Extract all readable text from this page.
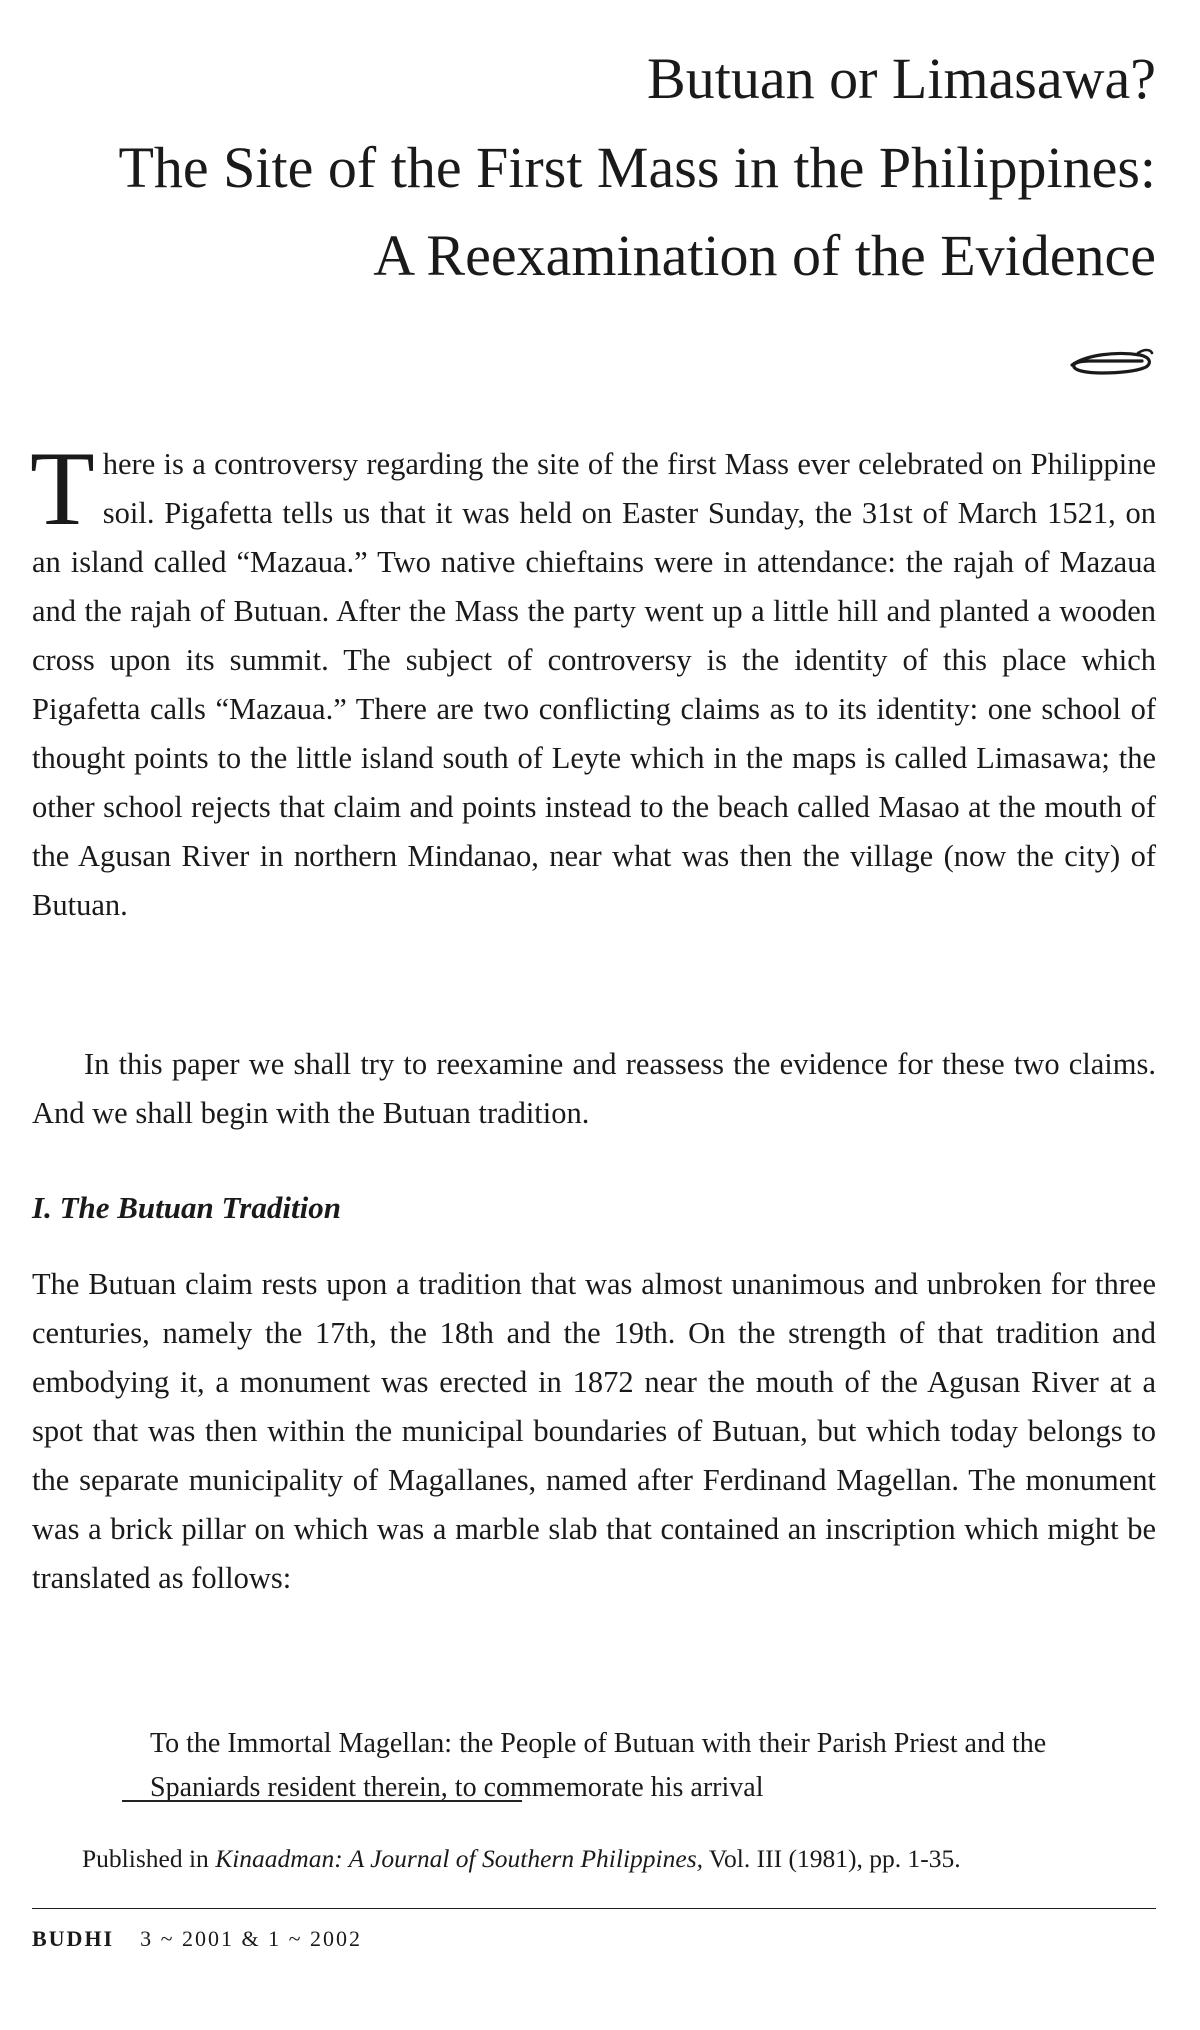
Butuan or Limasawa?
The Site of the First Mass in the Philippines:
A Reexamination of the Evidence
There is a controversy regarding the site of the first Mass ever celebrated on Philippine soil. Pigafetta tells us that it was held on Easter Sunday, the 31st of March 1521, on an island called “Mazaua.” Two native chieftains were in attendance: the rajah of Mazaua and the rajah of Butuan. After the Mass the party went up a little hill and planted a wooden cross upon its summit. The subject of controversy is the identity of this place which Pigafetta calls “Mazaua.” There are two conflicting claims as to its identity: one school of thought points to the little island south of Leyte which in the maps is called Limasawa; the other school rejects that claim and points instead to the beach called Masao at the mouth of the Agusan River in northern Mindanao, near what was then the village (now the city) of Butuan.
In this paper we shall try to reexamine and reassess the evidence for these two claims. And we shall begin with the Butuan tradition.
I. The Butuan Tradition
The Butuan claim rests upon a tradition that was almost unanimous and unbroken for three centuries, namely the 17th, the 18th and the 19th. On the strength of that tradition and embodying it, a monument was erected in 1872 near the mouth of the Agusan River at a spot that was then within the municipal boundaries of Butuan, but which today belongs to the separate municipality of Magallanes, named after Ferdinand Magellan. The monument was a brick pillar on which was a marble slab that contained an inscription which might be translated as follows:
To the Immortal Magellan: the People of Butuan with their Parish Priest and the Spaniards resident therein, to commemorate his arrival
Published in Kinaadman: A Journal of Southern Philippines, Vol. III (1981), pp. 1-35.
BUDHI 3 ~ 2001 & 1 ~ 2002
